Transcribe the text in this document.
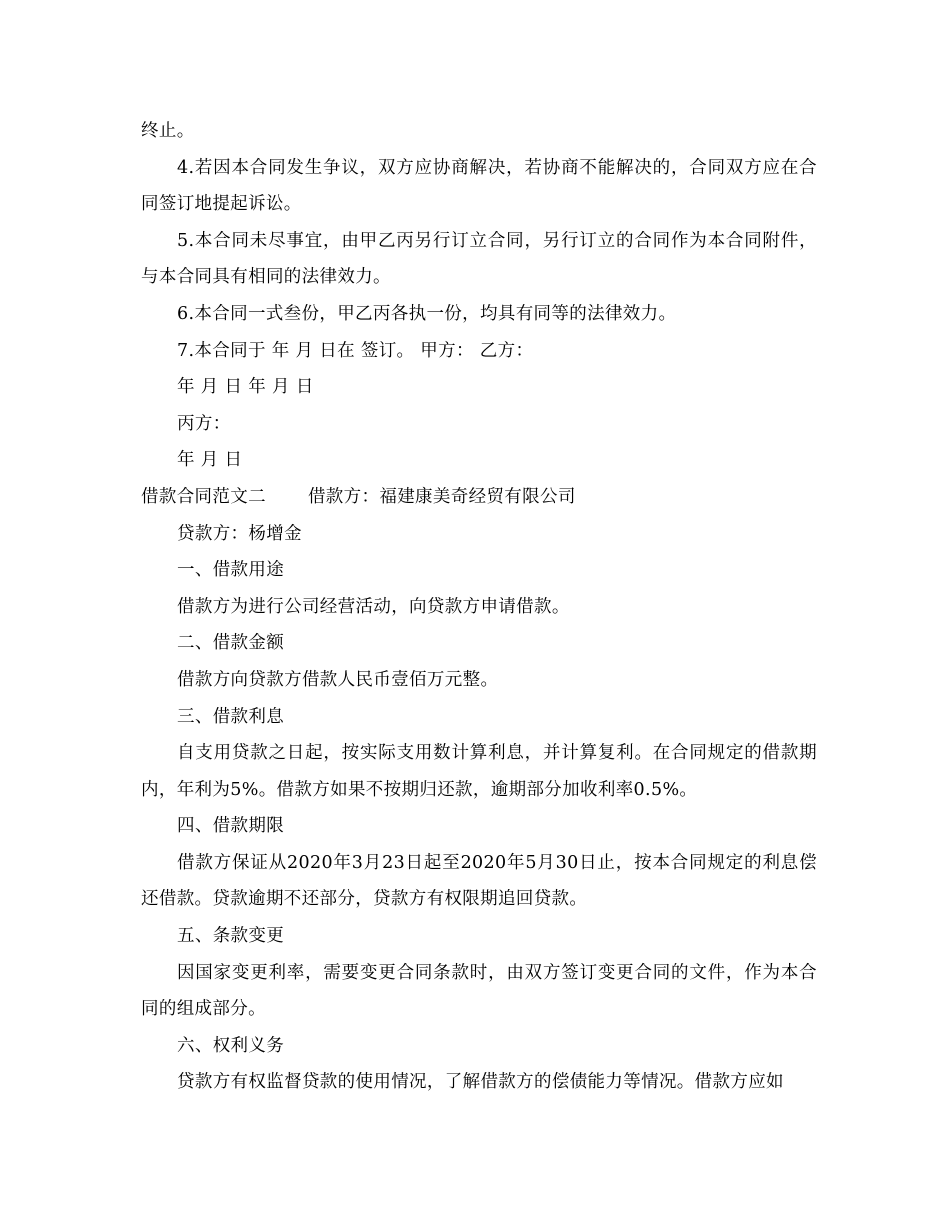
终止。

4.若因本合同发生争议，双方应协商解决，若协商不能解决的，合同双方应在合同签订地提起诉讼。

5.本合同未尽事宜，由甲乙丙另行订立合同，另行订立的合同作为本合同附件，与本合同具有相同的法律效力。

6.本合同一式叁份，甲乙丙各执一份，均具有同等的法律效力。

7.本合同于 年 月 日在 签订。 甲方： 乙方：

年 月 日 年 月 日

丙方：

年 月 日

借款合同范文二 借款方：福建康美奇经贸有限公司

贷款方：杨增金

一、借款用途

借款方为进行公司经营活动，向贷款方申请借款。

二、借款金额

借款方向贷款方借款人民币壹佰万元整。

三、借款利息

自支用贷款之日起，按实际支用数计算利息，并计算复利。在合同规定的借款期内，年利为5%。借款方如果不按期归还款，逾期部分加收利率0.5%。

四、借款期限

借款方保证从2020年3月23日起至2020年5月30日止，按本合同规定的利息偿还借款。贷款逾期不还部分，贷款方有权限期追回贷款。

五、条款变更

因国家变更利率，需要变更合同条款时，由双方签订变更合同的文件，作为本合同的组成部分。

六、权利义务

贷款方有权监督贷款的使用情况，了解借款方的偿债能力等情况。借款方应如
